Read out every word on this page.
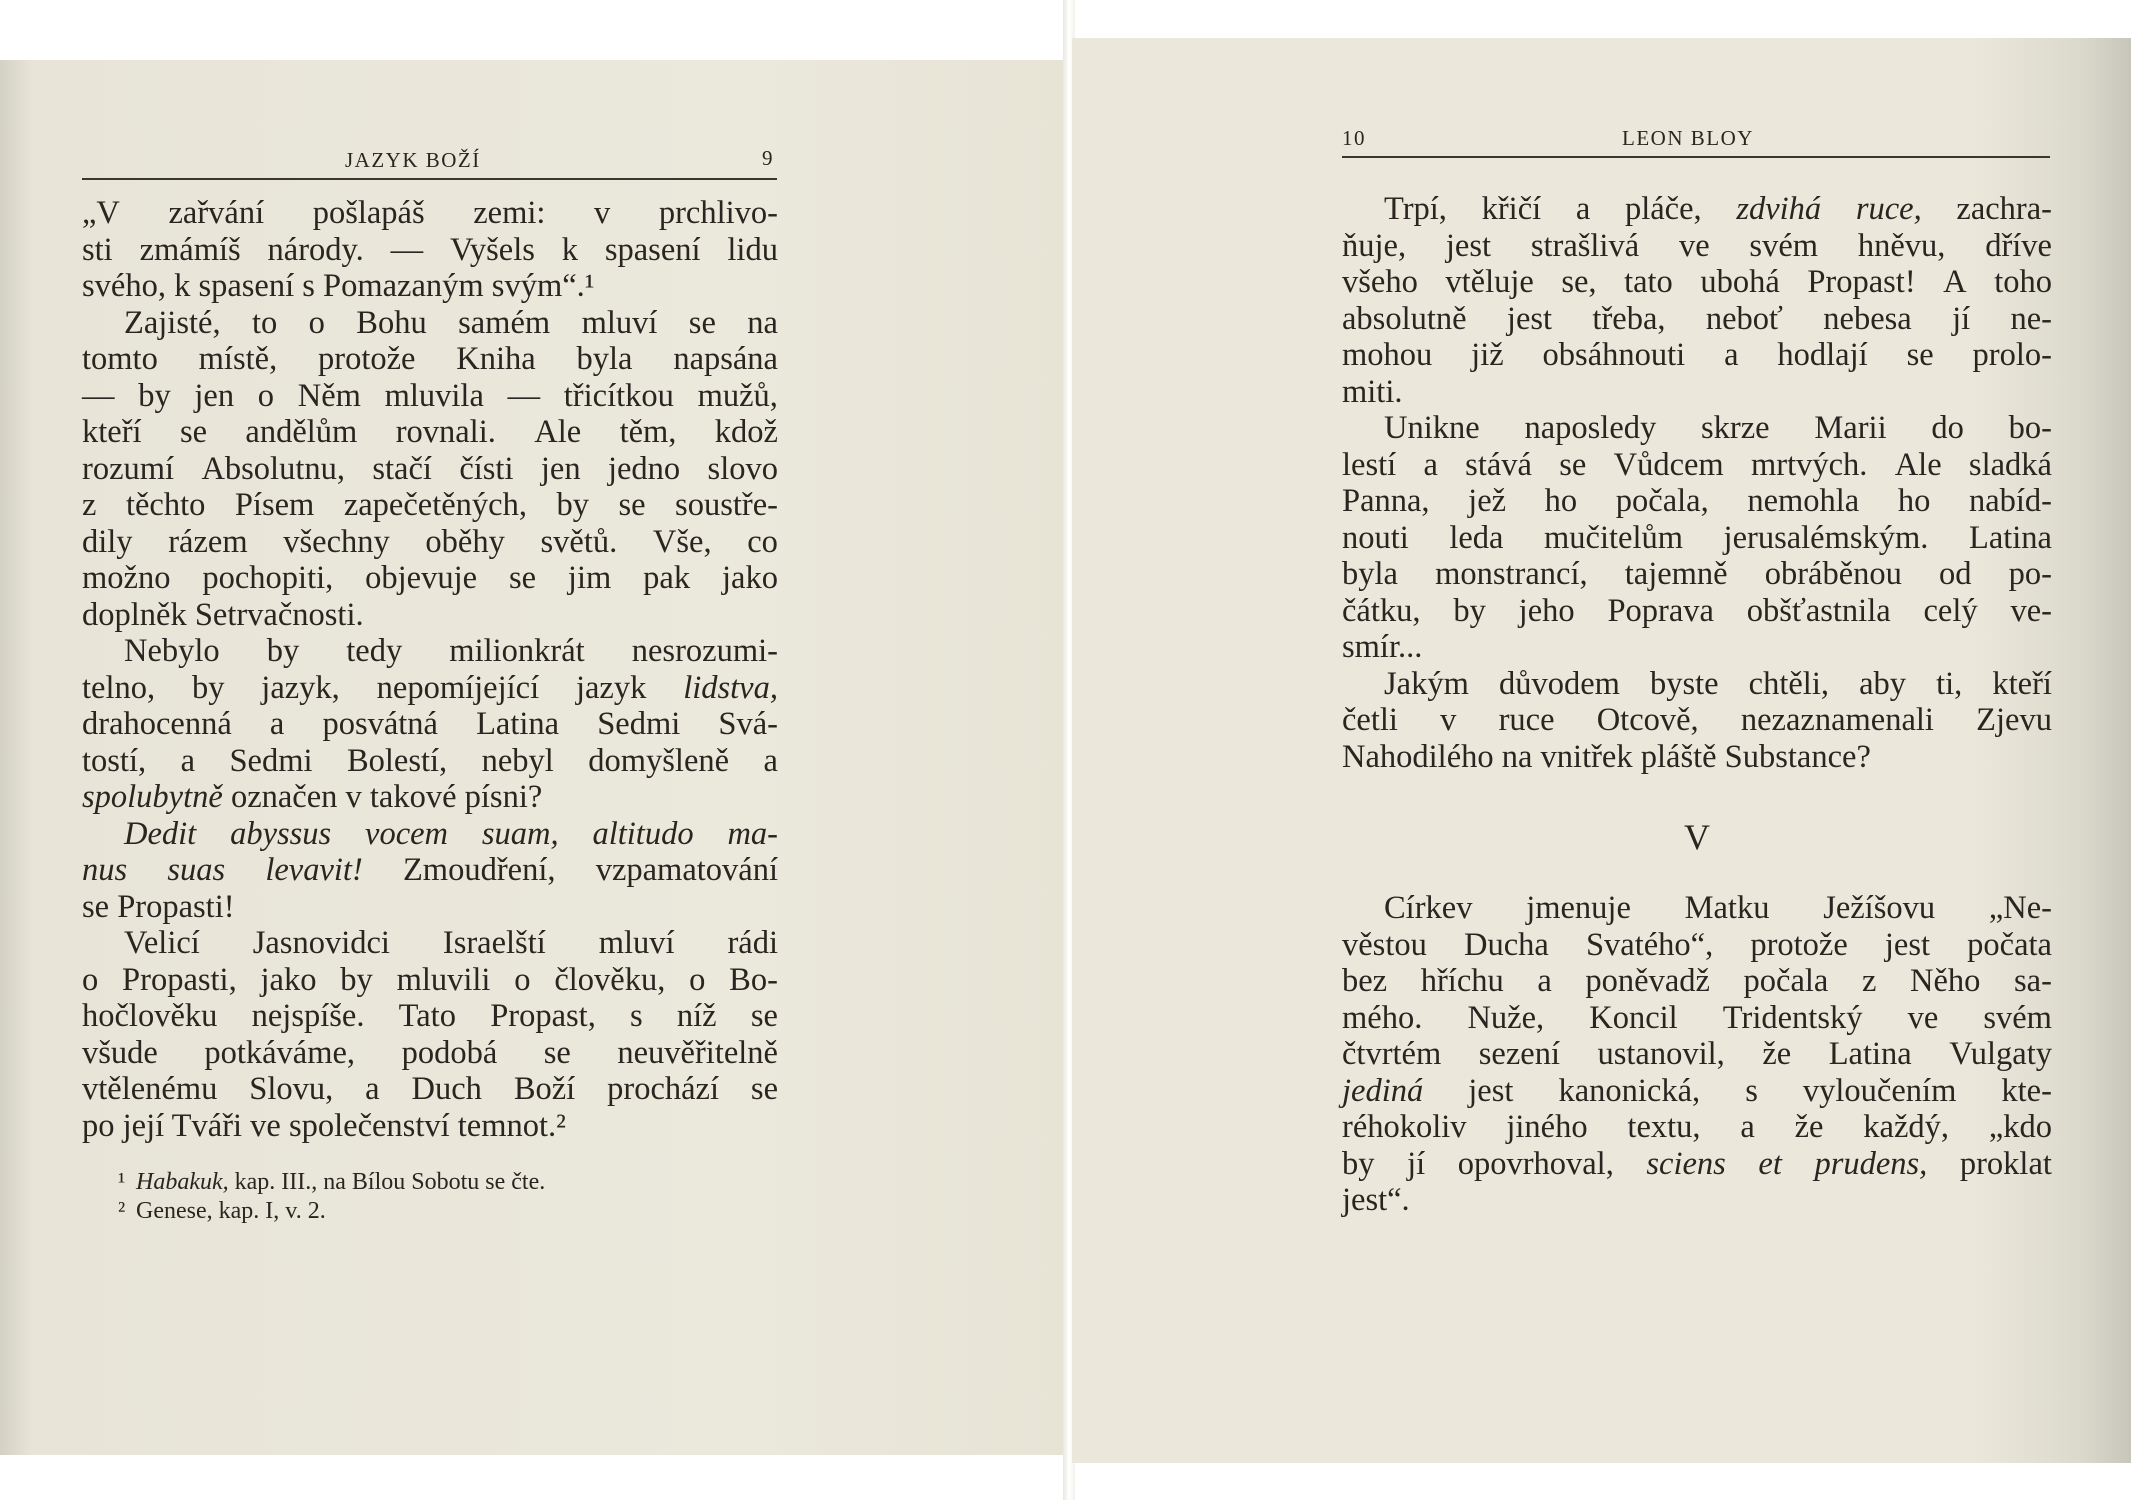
JAZYK BOŽÍ	9
„V zařvání pošlapáš zemi: v prchlivo-
sti zmámíš národy. — Vyšels k spasení lidu
svého, k spasení s Pomazaným svým“.¹
Zajisté, to o Bohu samém mluví se na
tomto místě, protože Kniha byla napsána
— by jen o Něm mluvila — třicítkou mužů,
kteří se andělům rovnali. Ale těm, kdož
rozumí Absolutnu, stačí čísti jen jedno slovo
z těchto Písem zapečetěných, by se soustře-
dily rázem všechny oběhy světů. Vše, co
možno pochopiti, objevuje se jim pak jako
doplněk Setrvačnosti.
Nebylo by tedy milionkrát nesrozumi-
telno, by jazyk, nepomíjející jazyk lidstva,
drahocenná a posvátná Latina Sedmi Svá-
tostí, a Sedmi Bolestí, nebyl domyšleně a
spolubytně označen v takové písni?
Dedit abyssus vocem suam, altitudo ma-
nus suas levavit! Zmoudření, vzpamatování
se Propasti!
Velicí Jasnovidci Israelští mluví rádi
o Propasti, jako by mluvili o člověku, o Bo-
hočlověku nejspíše. Tato Propast, s níž se
všude potkáváme, podobá se neuvěřitelně
vtělenému Slovu, a Duch Boží prochází se
po její Tváři ve společenství temnot.²
¹ Habakuk, kap. III., na Bílou Sobotu se čte.
² Genese, kap. I, v. 2.
10	LEON BLOY
Trpí, křičí a pláče, zdvihá ruce, zachra-
ňuje, jest strašlivá ve svém hněvu, dříve
všeho vtěluje se, tato ubohá Propast! A toho
absolutně jest třeba, neboť nebesa jí ne-
mohou již obsáhnouti a hodlají se prolo-
miti.
Unikne naposledy skrze Marii do bo-
lestí a stává se Vůdcem mrtvých. Ale sladká
Panna, jež ho počala, nemohla ho nabíd-
nouti leda mučitelům jerusalémským. Latina
byla monstrancí, tajemně obráběnou od po-
čátku, by jeho Poprava obšťastnila celý ve-
smír...
Jakým důvodem byste chtěli, aby ti, kteří
četli v ruce Otcově, nezaznamenali Zjevu
Nahodilého na vnitřek pláště Substance?
V
Církev jmenuje Matku Ježíšovu „Ne-
věstou Ducha Svatého“, protože jest počata
bez hříchu a poněvadž počala z Něho sa-
mého. Nuže, Koncil Tridentský ve svém
čtvrtém sezení ustanovil, že Latina Vulgaty
jediná jest kanonická, s vyloučením kte-
réhokoliv jiného textu, a že každý, „kdo
by jí opovrhoval, sciens et prudens, proklat
jest“.
